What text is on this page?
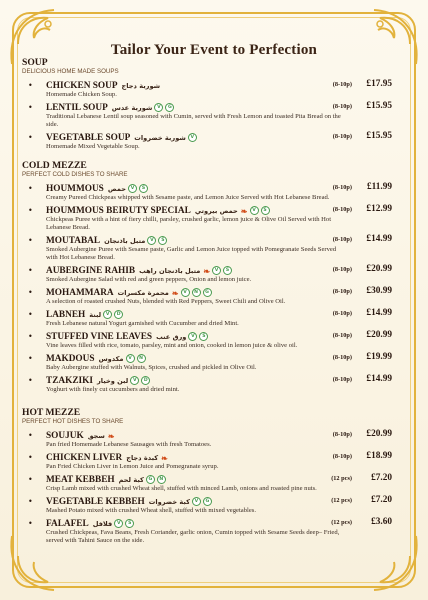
Tailor Your Event to Perfection
SOUP
DELICIOUS HOME MADE SOUPS
• CHICKEN SOUP شوربة دجاج	(8-10p) £17.95
Homemade Chicken Soup.
• LENTIL SOUP شوربة عدس	V	G	(8-10p) £15.95
Traditional Lebanese Lentil soup seasoned with Cumin, served with Fresh Lemon and toasted Pita Bread on the side.
• VEGETABLE SOUP شوربة خضروات	V	(8-10p) £15.95
Homemade Mixed Vegetable Soup.
COLD MEZZE
PERFECT COLD DISHES TO SHARE
• HOUMMOUS حمص	V	S	(8-10p) £11.99
Creamy Pureed Chickpeas whipped with Sesame paste, and Lemon Juice Served with Hot Lebanese Bread.
• HOUMMOUS BEIRUTY SPECIAL حمص بيروتي ❧	V	S	(8-10p) £12.99
Chickpeas Puree with a hint of fiery chilli, parsley, crushed garlic, lemon juice & Olive Oil Served with Hot Lebanese Bread.
• MOUTABAL متبل باذنجان	V	S	(8-10p) £14.99
Smoked Aubergine Puree with Sesame paste, Garlic and Lemon Juice topped with Pomegranate Seeds Served with Hot Lebanese Bread.
• AUBERGINE RAHIB متبل باذنجان راهب ❧	V	S	(8-10p) £20.99
Smoked Aubergine Salad with red and green peppers, Onion and lemon juice.
• MOHAMMARA محمرة مكسرات ❧	V	N	G	(8-10p) £30.99
A selection of roasted crushed Nuts, blended with Red Peppers, Sweet Chili and Olive Oil.
• LABNEH لبنة	V	D	(8-10p) £14.99
Fresh Lebanese natural Yogurt garnished with Cucumber and dried Mint.
• STUFFED VINE LEAVES ورق عنب	V	S	(8-10p) £20.99
Vine leaves filled with rice, tomato, parsley, mint and onion, cooked in lemon juice & olive oil.
• MAKDOUS مكدوس	V	N	(8-10p) £19.99
Baby Aubergine stuffed with Walnuts, Spices, crushed and pickled in Olive Oil.
• TZAKZIKI لبن وخيار	V	D	(8-10p) £14.99
Yoghurt with finely cut cucumbers and dried mint.
HOT MEZZE
PERFECT HOT DISHES TO SHARE
• SOUJUK سجق ❧	(8-10p) £20.99
Pan fried Homemade Lebanese Sausages with fresh Tomatoes.
• CHICKEN LIVER كبدة دجاج ❧	(8-10p) £18.99
Pan Fried Chicken Liver in Lemon Juice and Pomegranate syrup.
• MEAT KEBBEH كبة لحم	G	N	(12 pcs) £7.20
Crisp Lamb mixed with crushed Wheat shell, stuffed with minced Lamb, onions and roasted pine nuts.
• VEGETABLE KEBBEH كبة خضروات	V	G	(12 pcs) £7.20
Mashed Potato mixed with crushed Wheat shell, stuffed with mixed vegetables.
• FALAFEL فلافل	V	S	(12 pcs) £3.60
Crushed Chickpeas, Fava Beans, Fresh Coriander, garlic onion, Cumin topped with Sesame Seeds deep– Fried, served with Tahini Sauce on the side.
